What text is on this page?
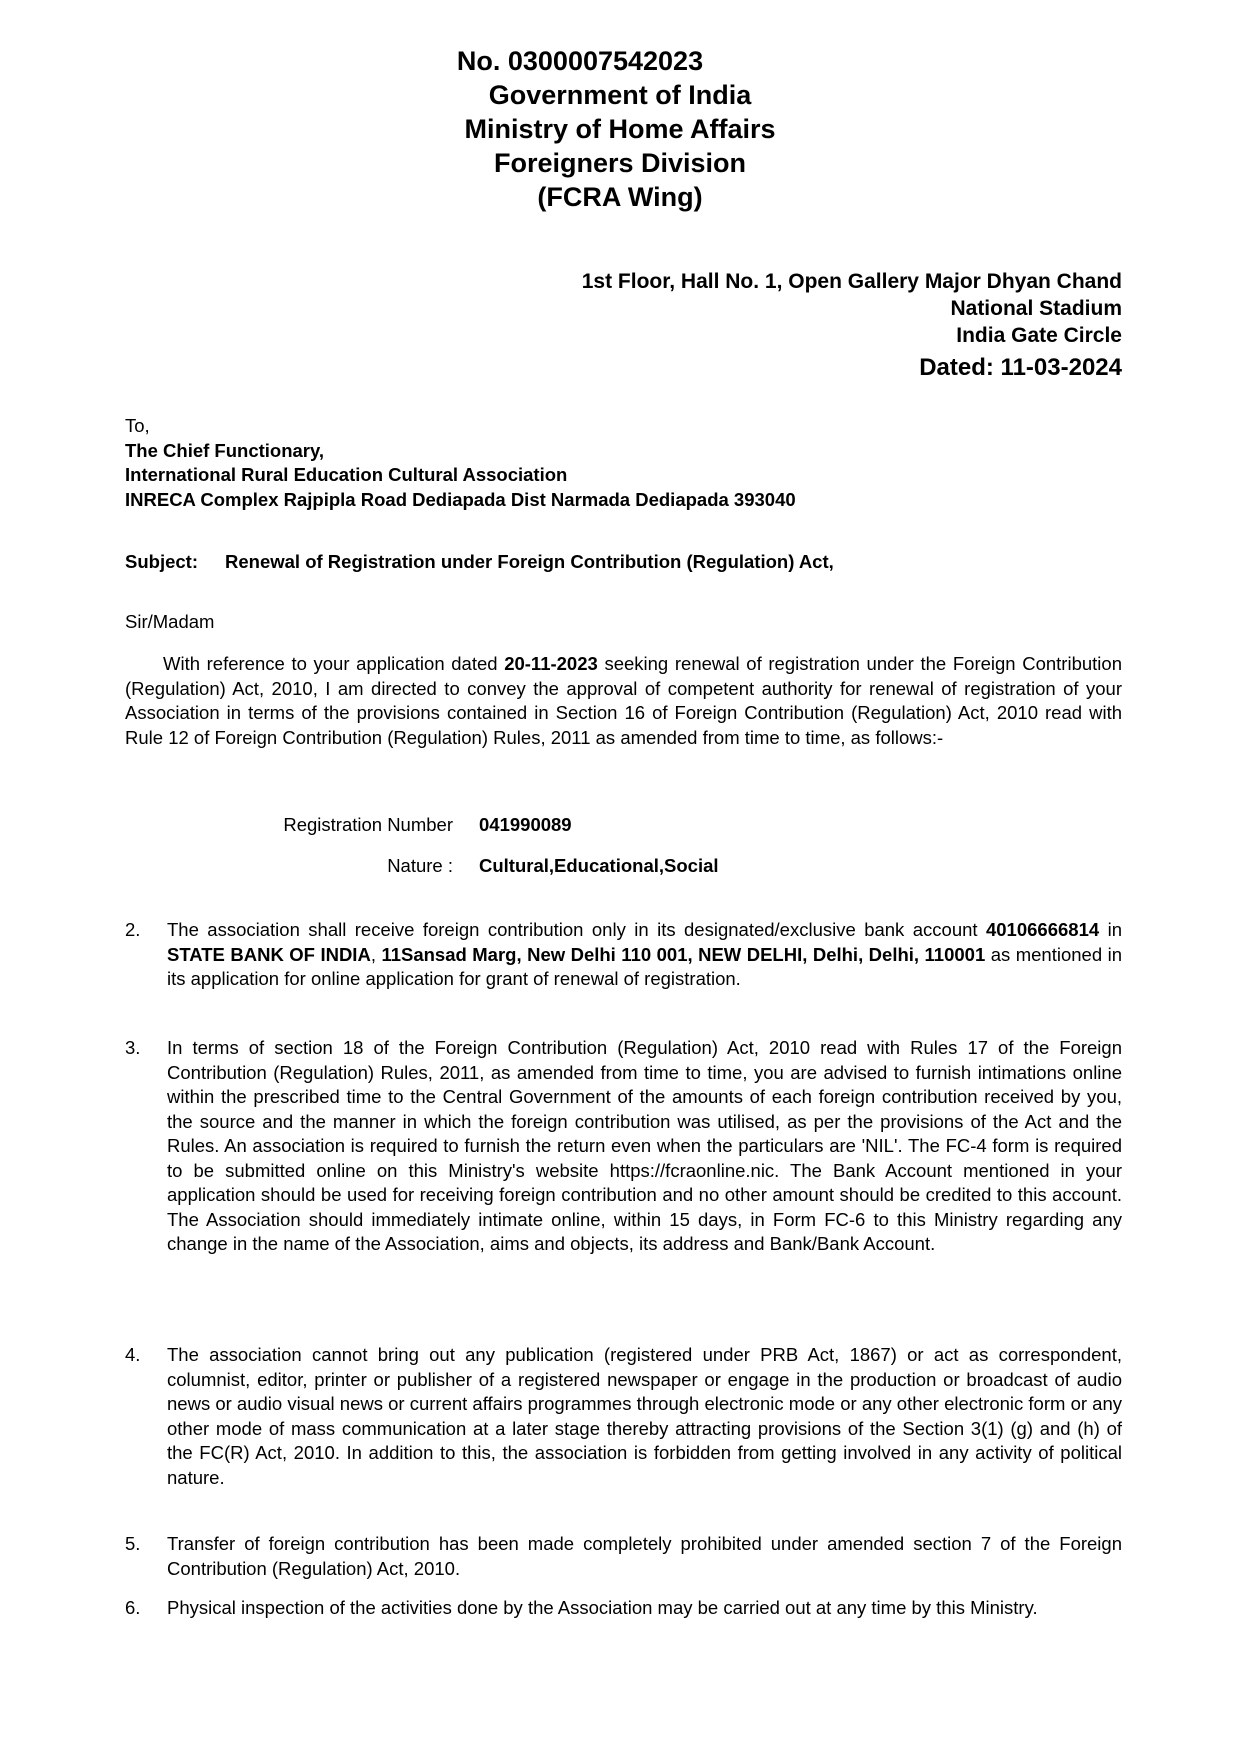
No. 0300007542023
Government of India
Ministry of Home Affairs
Foreigners Division
(FCRA Wing)
1st Floor, Hall No. 1, Open Gallery Major Dhyan Chand
National Stadium
India Gate Circle
Dated: 11-03-2024
To,
The Chief Functionary,
International Rural Education Cultural Association
INRECA Complex Rajpipla Road Dediapada Dist Narmada Dediapada 393040
Subject: Renewal of Registration under Foreign Contribution (Regulation) Act,
Sir/Madam
With reference to your application dated 20-11-2023 seeking renewal of registration under the Foreign Contribution (Regulation) Act, 2010, I am directed to convey the approval of competent authority for renewal of registration of your Association in terms of the provisions contained in Section 16 of Foreign Contribution (Regulation) Act, 2010 read with Rule 12 of Foreign Contribution (Regulation) Rules, 2011 as amended from time to time, as follows:-
Registration Number 041990089
Nature : Cultural,Educational,Social
2. The association shall receive foreign contribution only in its designated/exclusive bank account 40106666814 in STATE BANK OF INDIA, 11Sansad Marg, New Delhi 110 001, NEW DELHI, Delhi, Delhi, 110001 as mentioned in its application for online application for grant of renewal of registration.
3. In terms of section 18 of the Foreign Contribution (Regulation) Act, 2010 read with Rules 17 of the Foreign Contribution (Regulation) Rules, 2011, as amended from time to time, you are advised to furnish intimations online within the prescribed time to the Central Government of the amounts of each foreign contribution received by you, the source and the manner in which the foreign contribution was utilised, as per the provisions of the Act and the Rules. An association is required to furnish the return even when the particulars are 'NIL'. The FC-4 form is required to be submitted online on this Ministry's website https://fcraonline.nic. The Bank Account mentioned in your application should be used for receiving foreign contribution and no other amount should be credited to this account. The Association should immediately intimate online, within 15 days, in Form FC-6 to this Ministry regarding any change in the name of the Association, aims and objects, its address and Bank/Bank Account.
4. The association cannot bring out any publication (registered under PRB Act, 1867) or act as correspondent, columnist, editor, printer or publisher of a registered newspaper or engage in the production or broadcast of audio news or audio visual news or current affairs programmes through electronic mode or any other electronic form or any other mode of mass communication at a later stage thereby attracting provisions of the Section 3(1) (g) and (h) of the FC(R) Act, 2010. In addition to this, the association is forbidden from getting involved in any activity of political nature.
5. Transfer of foreign contribution has been made completely prohibited under amended section 7 of the Foreign Contribution (Regulation) Act, 2010.
6. Physical inspection of the activities done by the Association may be carried out at any time by this Ministry.
